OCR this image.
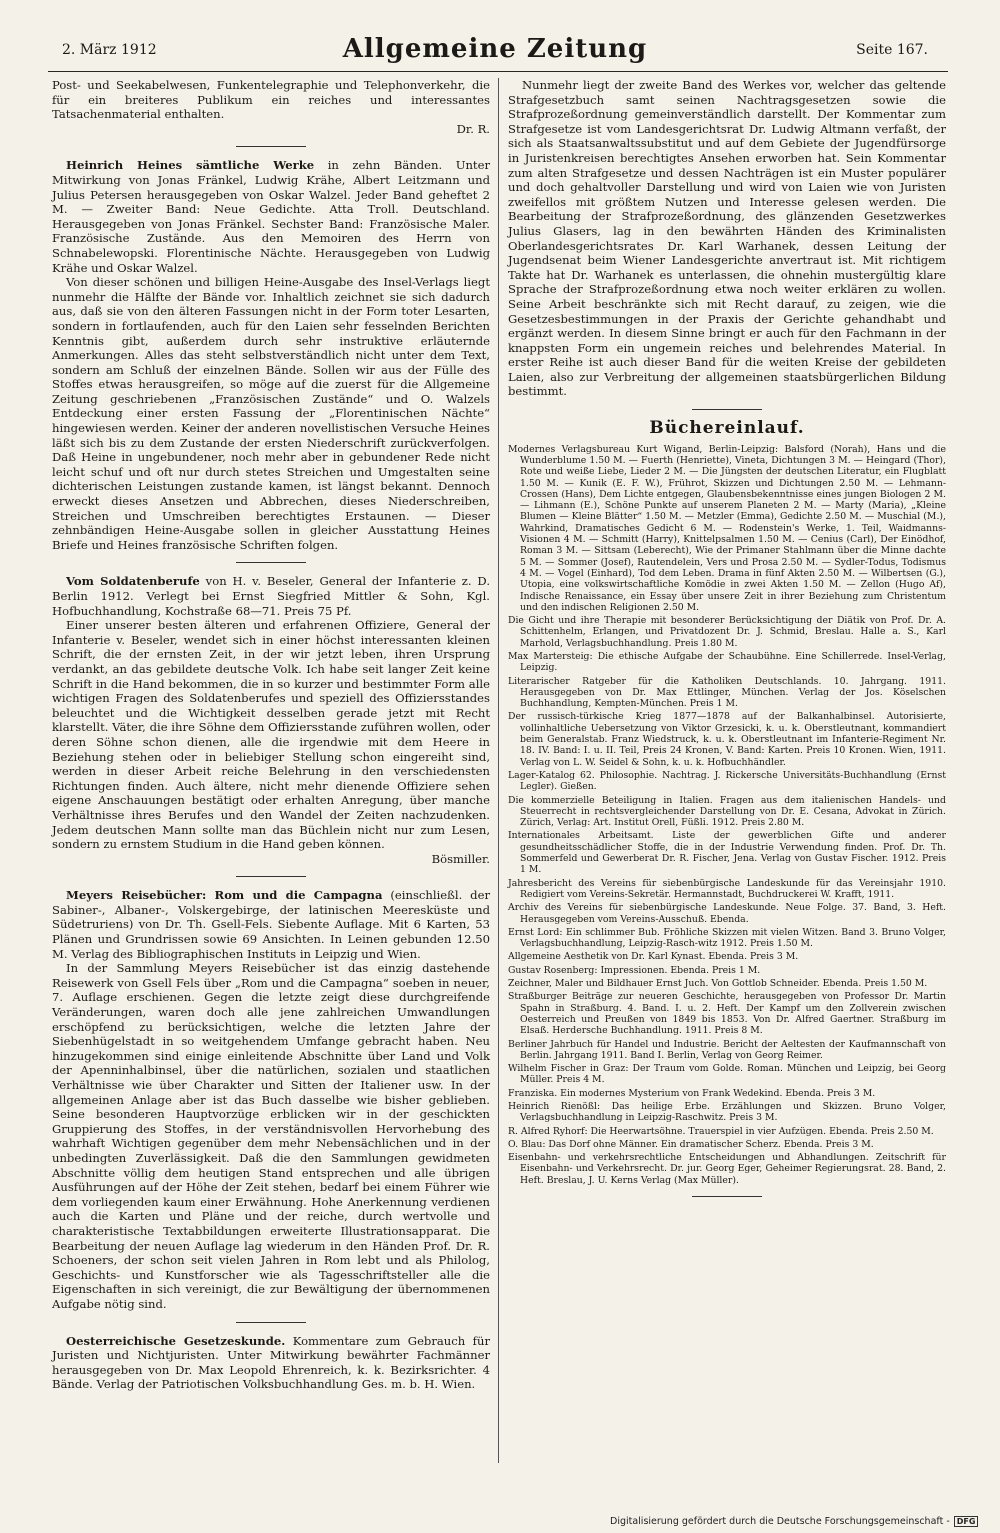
2. März 1912	Allgemeine Zeitung	Seite 167.

Post- und Seekabelwesen, Funkentelegraphie und Telephonverkehr, die für ein breiteres Publikum ein reiches und interessantes Tatsachenmaterial enthalten.

Dr. R.

Heinrich Heines sämtliche Werke in zehn Bänden. Unter Mitwirkung von Jonas Fränkel, Ludwig Krähe, Albert Leitzmann und Julius Petersen herausgegeben von Oskar Walzel. Jeder Band geheftet 2 M. — Zweiter Band: Neue Gedichte. Atta Troll. Deutschland. Herausgegeben von Jonas Fränkel. Sechster Band: Französische Maler. Französische Zustände. Aus den Memoiren des Herrn von Schnabelewopski. Florentinische Nächte. Herausgegeben von Ludwig Krähe und Oskar Walzel.

Von dieser schönen und billigen Heine-Ausgabe des Insel-Verlags liegt nunmehr die Hälfte der Bände vor. Inhaltlich zeichnet sie sich dadurch aus, daß sie von den älteren Fassungen nicht in der Form toter Lesarten, sondern in fortlaufenden, auch für den Laien sehr fesselnden Berichten Kenntnis gibt, außerdem durch sehr instruktive erläuternde Anmerkungen. Alles das steht selbstverständlich nicht unter dem Text, sondern am Schluß der einzelnen Bände. Sollen wir aus der Fülle des Stoffes etwas herausgreifen, so möge auf die zuerst für die Allgemeine Zeitung geschriebenen „Französischen Zustände“ und O. Walzels Entdeckung einer ersten Fassung der „Florentinischen Nächte“ hingewiesen werden. Keiner der anderen novellistischen Versuche Heines läßt sich bis zu dem Zustande der ersten Niederschrift zurückverfolgen. Daß Heine in ungebundener, noch mehr aber in gebundener Rede nicht leicht schuf und oft nur durch stetes Streichen und Umgestalten seine dichterischen Leistungen zustande kamen, ist längst bekannt. Dennoch erweckt dieses Ansetzen und Abbrechen, dieses Niederschreiben, Streichen und Umschreiben berechtigtes Erstaunen. — Dieser zehnbändigen Heine-Ausgabe sollen in gleicher Ausstattung Heines Briefe und Heines französische Schriften folgen.

Vom Soldatenberufe von H. v. Beseler, General der Infanterie z. D. Berlin 1912. Verlegt bei Ernst Siegfried Mittler & Sohn, Kgl. Hofbuchhandlung, Kochstraße 68—71. Preis 75 Pf.

Einer unserer besten älteren und erfahrenen Offiziere, General der Infanterie v. Beseler, wendet sich in einer höchst interessanten kleinen Schrift, die der ernsten Zeit, in der wir jetzt leben, ihren Ursprung verdankt, an das gebildete deutsche Volk. Ich habe seit langer Zeit keine Schrift in die Hand bekommen, die in so kurzer und bestimmter Form alle wichtigen Fragen des Soldatenberufes und speziell des Offiziersstandes beleuchtet und die Wichtigkeit desselben gerade jetzt mit Recht klarstellt. Väter, die ihre Söhne dem Offiziersstande zuführen wollen, oder deren Söhne schon dienen, alle die irgendwie mit dem Heere in Beziehung stehen oder in beliebiger Stellung schon eingereiht sind, werden in dieser Arbeit reiche Belehrung in den verschiedensten Richtungen finden. Auch ältere, nicht mehr dienende Offiziere sehen eigene Anschauungen bestätigt oder erhalten Anregung, über manche Verhältnisse ihres Berufes und den Wandel der Zeiten nachzudenken. Jedem deutschen Mann sollte man das Büchlein nicht nur zum Lesen, sondern zu ernstem Studium in die Hand geben können.

Bösmiller.

Meyers Reisebücher: Rom und die Campagna (einschließl. der Sabiner-, Albaner-, Volskergebirge, der latinischen Meeresküste und Südetruriens) von Dr. Th. Gsell-Fels. Siebente Auflage. Mit 6 Karten, 53 Plänen und Grundrissen sowie 69 Ansichten. In Leinen gebunden 12.50 M. Verlag des Bibliographischen Instituts in Leipzig und Wien.

In der Sammlung Meyers Reisebücher ist das einzig dastehende Reisewerk von Gsell Fels über „Rom und die Campagna“ soeben in neuer, 7. Auflage erschienen. Gegen die letzte zeigt diese durchgreifende Veränderungen, waren doch alle jene zahlreichen Umwandlungen erschöpfend zu berücksichtigen, welche die letzten Jahre der Siebenhügelstadt in so weitgehendem Umfange gebracht haben. Neu hinzugekommen sind einige einleitende Abschnitte über Land und Volk der Apenninhalbinsel, über die natürlichen, sozialen und staatlichen Verhältnisse wie über Charakter und Sitten der Italiener usw. In der allgemeinen Anlage aber ist das Buch dasselbe wie bisher geblieben. Seine besonderen Hauptvorzüge erblicken wir in der geschickten Gruppierung des Stoffes, in der verständnisvollen Hervorhebung des wahrhaft Wichtigen gegenüber dem mehr Nebensächlichen und in der unbedingten Zuverlässigkeit. Daß die den Sammlungen gewidmeten Abschnitte völlig dem heutigen Stand entsprechen und alle übrigen Ausführungen auf der Höhe der Zeit stehen, bedarf bei einem Führer wie dem vorliegenden kaum einer Erwähnung. Hohe Anerkennung verdienen auch die Karten und Pläne und der reiche, durch wertvolle und charakteristische Textabbildungen erweiterte Illustrationsapparat. Die Bearbeitung der neuen Auflage lag wiederum in den Händen Prof. Dr. R. Schoeners, der schon seit vielen Jahren in Rom lebt und als Philolog, Geschichts- und Kunstforscher wie als Tagesschriftsteller alle die Eigenschaften in sich vereinigt, die zur Bewältigung der übernommenen Aufgabe nötig sind.

Oesterreichische Gesetzeskunde. Kommentare zum Gebrauch für Juristen und Nichtjuristen. Unter Mitwirkung bewährter Fachmänner herausgegeben von Dr. Max Leopold Ehrenreich, k. k. Bezirksrichter. 4 Bände. Verlag der Patriotischen Volksbuchhandlung Ges. m. b. H. Wien.

Nunmehr liegt der zweite Band des Werkes vor, welcher das geltende Strafgesetzbuch samt seinen Nachtragsgesetzen sowie die Strafprozeßordnung gemeinverständlich darstellt. Der Kommentar zum Strafgesetze ist vom Landesgerichtsrat Dr. Ludwig Altmann verfaßt, der sich als Staatsanwaltssubstitut und auf dem Gebiete der Jugendfürsorge in Juristenkreisen berechtigtes Ansehen erworben hat. Sein Kommentar zum alten Strafgesetze und dessen Nachträgen ist ein Muster populärer und doch gehaltvoller Darstellung und wird von Laien wie von Juristen zweifellos mit größtem Nutzen und Interesse gelesen werden. Die Bearbeitung der Strafprozeßordnung, des glänzenden Gesetzwerkes Julius Glasers, lag in den bewährten Händen des Kriminalisten Oberlandesgerichtsrates Dr. Karl Warhanek, dessen Leitung der Jugendsenat beim Wiener Landesgerichte anvertraut ist. Mit richtigem Takte hat Dr. Warhanek es unterlassen, die ohnehin mustergültig klare Sprache der Strafprozeßordnung etwa noch weiter erklären zu wollen. Seine Arbeit beschränkte sich mit Recht darauf, zu zeigen, wie die Gesetzesbestimmungen in der Praxis der Gerichte gehandhabt und ergänzt werden. In diesem Sinne bringt er auch für den Fachmann in der knappsten Form ein ungemein reiches und belehrendes Material. In erster Reihe ist auch dieser Band für die weiten Kreise der gebildeten Laien, also zur Verbreitung der allgemeinen staatsbürgerlichen Bildung bestimmt.

Büchereinlauf.

Modernes Verlagsbureau Kurt Wigand, Berlin-Leipzig: Balsford (Norah), Hans und die Wunderblume 1.50 M. — Fuerth (Henriette), Vineta, Dichtungen 3 M. — Heingard (Thor), Rote und weiße Liebe, Lieder 2 M. — Die Jüngsten der deutschen Literatur, ein Flugblatt 1.50 M. — Kunik (E. F. W.), Frührot, Skizzen und Dichtungen 2.50 M. — Lehmann-Crossen (Hans), Dem Lichte entgegen, Glaubensbekenntnisse eines jungen Biologen 2 M. — Lihmann (E.), Schöne Punkte auf unserem Planeten 2 M. — Marty (Maria), „Kleine Blumen — Kleine Blätter“ 1.50 M. — Metzler (Emma), Gedichte 2.50 M. — Muschial (M.), Wahrkind, Dramatisches Gedicht 6 M. — Rodenstein's Werke, 1. Teil, Waidmanns-Visionen 4 M. — Schmitt (Harry), Knittelpsalmen 1.50 M. — Cenius (Carl), Der Einödhof, Roman 3 M. — Sittsam (Leberecht), Wie der Primaner Stahlmann über die Minne dachte 5 M. — Sommer (Josef), Rautendelein, Vers und Prosa 2.50 M. — Sydler-Todus, Todismus 4 M. — Vogel (Einhard), Tod dem Leben. Drama in fünf Akten 2.50 M. — Wilbertsen (G.), Utopia, eine volkswirtschaftliche Komödie in zwei Akten 1.50 M. — Zellon (Hugo Af), Indische Renaissance, ein Essay über unsere Zeit in ihrer Beziehung zum Christentum und den indischen Religionen 2.50 M.

Die Gicht und ihre Therapie mit besonderer Berücksichtigung der Diätik von Prof. Dr. A. Schittenhelm, Erlangen, und Privatdozent Dr. J. Schmid, Breslau. Halle a. S., Karl Marhold, Verlagsbuchhandlung. Preis 1.80 M.

Max Martersteig: Die ethische Aufgabe der Schaubühne. Eine Schillerrede. Insel-Verlag, Leipzig.

Literarischer Ratgeber für die Katholiken Deutschlands. 10. Jahrgang. 1911. Herausgegeben von Dr. Max Ettlinger, München. Verlag der Jos. Köselschen Buchhandlung, Kempten-München. Preis 1 M.

Der russisch-türkische Krieg 1877—1878 auf der Balkanhalbinsel. Autorisierte, vollinhaltliche Uebersetzung von Viktor Grzesicki, k. u. k. Oberstleutnant, kommandiert beim Generalstab. Franz Wiedstruck, k. u. k. Oberstleutnant im Infanterie-Regiment Nr. 18. IV. Band: I. u. II. Teil, Preis 24 Kronen, V. Band: Karten. Preis 10 Kronen. Wien, 1911. Verlag von L. W. Seidel & Sohn, k. u. k. Hofbuchhändler.

Lager-Katalog 62. Philosophie. Nachtrag. J. Rickersche Universitäts-Buchhandlung (Ernst Legler). Gießen.

Die kommerzielle Beteiligung in Italien. Fragen aus dem italienischen Handels- und Steuerrecht in rechtsvergleichender Darstellung von Dr. E. Cesana, Advokat in Zürich. Zürich, Verlag: Art. Institut Orell, Füßli. 1912. Preis 2.80 M.

Internationales Arbeitsamt. Liste der gewerblichen Gifte und anderer gesundheitsschädlicher Stoffe, die in der Industrie Verwendung finden. Prof. Dr. Th. Sommerfeld und Gewerberat Dr. R. Fischer, Jena. Verlag von Gustav Fischer. 1912. Preis 1 M.

Jahresbericht des Vereins für siebenbürgische Landeskunde für das Vereinsjahr 1910. Redigiert vom Vereins-Sekretär. Hermannstadt, Buchdruckerei W. Krafft, 1911.

Archiv des Vereins für siebenbürgische Landeskunde. Neue Folge. 37. Band, 3. Heft. Herausgegeben vom Vereins-Ausschuß. Ebenda.

Ernst Lord: Ein schlimmer Bub. Fröhliche Skizzen mit vielen Witzen. Band 3. Bruno Volger, Verlagsbuchhandlung, Leipzig-Rasch-witz 1912. Preis 1.50 M.

Allgemeine Aesthetik von Dr. Karl Kynast. Ebenda. Preis 3 M.

Gustav Rosenberg: Impressionen. Ebenda. Preis 1 M.

Zeichner, Maler und Bildhauer Ernst Juch. Von Gottlob Schneider. Ebenda. Preis 1.50 M.

Straßburger Beiträge zur neueren Geschichte, herausgegeben von Professor Dr. Martin Spahn in Straßburg. 4. Band. I. u. 2. Heft. Der Kampf um den Zollverein zwischen Oesterreich und Preußen von 1849 bis 1853. Von Dr. Alfred Gaertner. Straßburg im Elsaß. Herdersche Buchhandlung. 1911. Preis 8 M.

Berliner Jahrbuch für Handel und Industrie. Bericht der Aeltesten der Kaufmannschaft von Berlin. Jahrgang 1911. Band I. Berlin, Verlag von Georg Reimer.

Wilhelm Fischer in Graz: Der Traum vom Golde. Roman. München und Leipzig, bei Georg Müller. Preis 4 M.

Franziska. Ein modernes Mysterium von Frank Wedekind. Ebenda. Preis 3 M.

Heinrich Rienößl: Das heilige Erbe. Erzählungen und Skizzen. Bruno Volger, Verlagsbuchhandlung in Leipzig-Raschwitz. Preis 3 M.

R. Alfred Ryhorf: Die Heerwartsöhne. Trauerspiel in vier Aufzügen. Ebenda. Preis 2.50 M.

O. Blau: Das Dorf ohne Männer. Ein dramatischer Scherz. Ebenda. Preis 3 M.

Eisenbahn- und verkehrsrechtliche Entscheidungen und Abhandlungen. Zeitschrift für Eisenbahn- und Verkehrsrecht. Dr. jur. Georg Eger, Geheimer Regierungsrat. 28. Band, 2. Heft. Breslau, J. U. Kerns Verlag (Max Müller).

Digitalisierung gefördert durch die Deutsche Forschungsgemeinschaft - DFG
